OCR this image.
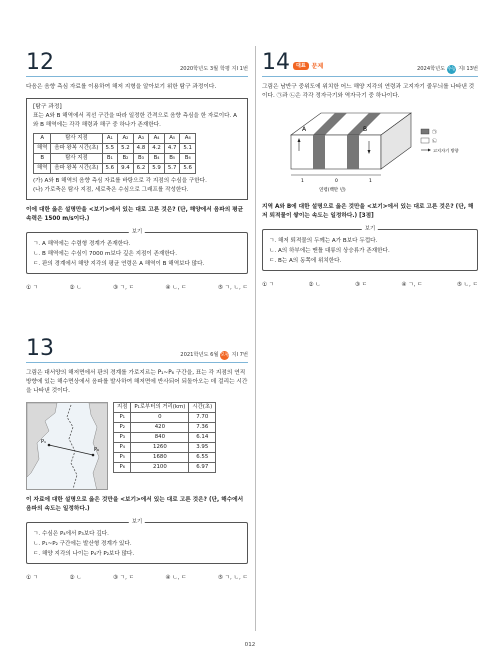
12	2020학년도 3월 학평 지I 1번

다음은 음향 측심 자료를 이용하여 해저 지형을 알아보기 위한 탐구 과정이다.

[탐구 과정]
표는 A와 B 해역에서 직선 구간을 따라 일정한 간격으로 음향 측심을 한 자료이다. A와 B 해역에는 각각 해령과 해구 중 하나가 존재한다.
A	탐사 지점	A₁	A₂	A₃	A₄	A₅	A₆
해역	음파 왕복 시간(초)	5.5	5.2	4.8	4.2	4.7	5.1
B	탐사 지점	B₁	B₂	B₃	B₄	B₅	B₆
해역	음파 왕복 시간(초)	5.6	9.4	6.2	5.9	5.7	5.6
(가) A와 B 해역의 음향 측심 자료를 바탕으로 각 지점의 수심을 구한다.
(나) 가로축은 탐사 지점, 세로축은 수심으로 그래프를 작성한다.

이에 대한 옳은 설명만을 <보기>에서 있는 대로 고른 것은? (단, 해양에서 음파의 평균 속력은 1500 m/s이다.)

보기
ㄱ. A 해역에는 수렴형 경계가 존재한다.
ㄴ. B 해역에는 수심이 7000 m보다 깊은 지점이 존재한다.
ㄷ. 판의 경계에서 해양 지각의 평균 연령은 A 해역이 B 해역보다 많다.
① ㄱ	② ㄴ	③ ㄱ, ㄷ	④ ㄴ, ㄷ	⑤ ㄱ, ㄴ, ㄷ
13	2021학년도 6월 모평 지I 7번

그림은 대서양의 해저면에서 판의 경계를 가로지르는 P₁~P₆ 구간을, 표는 각 지점의 연직 방향에 있는 해수면상에서 음파를 발사하여 해저면에 반사되어 되돌아오는 데 걸리는 시간을 나타낸 것이다.

P₁
P₆
지점	P₁로부터의 거리(km)	시간(초)
P₁	0	7.70
P₂	420	7.36
P₃	840	6.14
P₄	1260	3.95
P₅	1680	6.55
P₆	2100	6.97

이 자료에 대한 설명으로 옳은 것만을 <보기>에서 있는 대로 고른 것은? (단, 해수에서 음파의 속도는 일정하다.)

보기
ㄱ. 수심은 P₄에서 P₃보다 깊다.
ㄴ. P₁~P₂ 구간에는 발산형 경계가 있다.
ㄷ. 해양 지각의 나이는 P₄가 P₂보다 많다.
① ㄱ	② ㄴ	③ ㄱ, ㄷ	④ ㄴ, ㄷ	⑤ ㄱ, ㄴ, ㄷ
14	대표	문제	2024학년도 수능 지I 13번

그림은 남반구 중위도에 위치한 어느 해양 지각의 연령과 고지자기 줄무늬를 나타낸 것이다. ㉠과 ㉡은 각각 정자극기와 역자극기 중 하나이다.

A	B
1	0	1
연령(백만 년)
㉠
㉡
고지자기 방향

지역 A와 B에 대한 설명으로 옳은 것만을 <보기>에서 있는 대로 고른 것은? (단, 해저 퇴적물이 쌓이는 속도는 일정하다.) [3점]

보기
ㄱ. 해저 퇴적물의 두께는 A가 B보다 두껍다.
ㄴ. A의 하부에는 맨틀 대류의 상승류가 존재한다.
ㄷ. B는 A의 동쪽에 위치한다.
① ㄱ	② ㄴ	③ ㄷ	④ ㄱ, ㄷ	⑤ ㄴ, ㄷ
012
